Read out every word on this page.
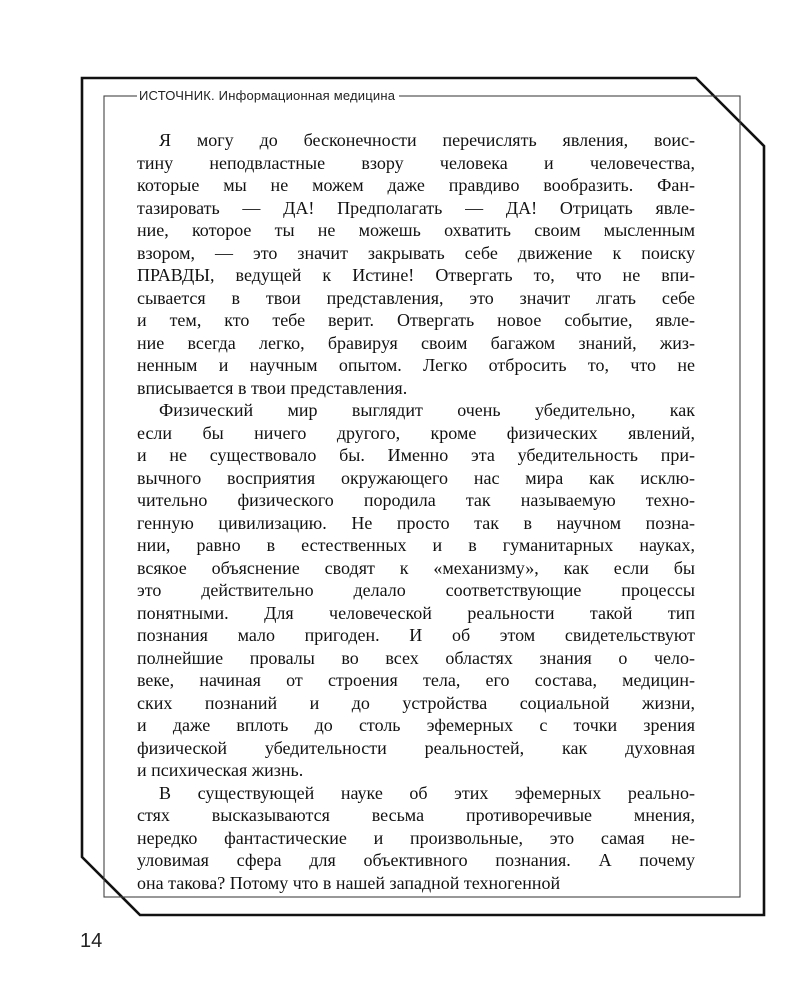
ИСТОЧНИК. Информационная медицина
Я могу до бесконечности перечислять явления, воис-
тину неподвластные взору человека и человечества,
которые мы не можем даже правдиво вообразить. Фан-
тазировать — ДА! Предполагать — ДА! Отрицать явле-
ние, которое ты не можешь охватить своим мысленным
взором, — это значит закрывать себе движение к поиску
ПРАВДЫ, ведущей к Истине! Отвергать то, что не впи-
сывается в твои представления, это значит лгать себе
и тем, кто тебе верит. Отвергать новое событие, явле-
ние всегда легко, бравируя своим багажом знаний, жиз-
ненным и научным опытом. Легко отбросить то, что не
вписывается в твои представления.
Физический мир выглядит очень убедительно, как
если бы ничего другого, кроме физических явлений,
и не существовало бы. Именно эта убедительность при-
вычного восприятия окружающего нас мира как исклю-
чительно физического породила так называемую техно-
генную цивилизацию. Не просто так в научном позна-
нии, равно в естественных и в гуманитарных науках,
всякое объяснение сводят к «механизму», как если бы
это действительно делало соответствующие процессы
понятными. Для человеческой реальности такой тип
познания мало пригоден. И об этом свидетельствуют
полнейшие провалы во всех областях знания о чело-
веке, начиная от строения тела, его состава, медицин-
ских познаний и до устройства социальной жизни,
и даже вплоть до столь эфемерных с точки зрения
физической убедительности реальностей, как духовная
и психическая жизнь.
В существующей науке об этих эфемерных реально-
стях высказываются весьма противоречивые мнения,
нередко фантастические и произвольные, это самая не-
уловимая сфера для объективного познания. А почему
она такова? Потому что в нашей западной техногенной
14
